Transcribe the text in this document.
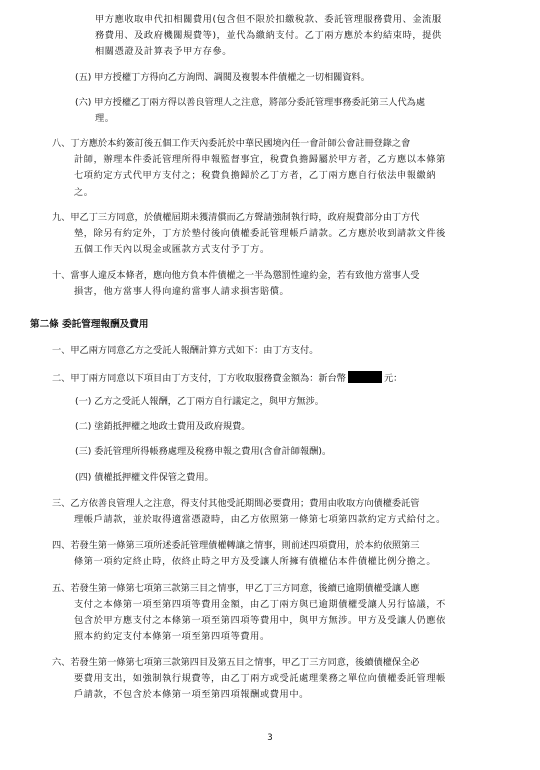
甲方應收取申代扣相關費用(包含但不限於扣繳稅款、委託管理服務費用、金流服
務費用、及政府機關規費等)，並代為繳納支付。乙丁兩方應於本約結束時，提供
相關憑證及計算表予甲方存參。
(五) 甲方授權丁方得向乙方詢問、調閱及複製本件債權之一切相關資料。
(六) 甲方授權乙丁兩方得以善良管理人之注意，將部分委託管理事務委託第三人代為處
理。
八、丁方應於本約簽訂後五個工作天內委託於中華民國境內任一會計師公會註冊登錄之會
計師，辦理本件委託管理所得申報監督事宜，稅費負擔歸屬於甲方者，乙方應以本條第
七項約定方式代甲方支付之；稅費負擔歸於乙丁方者，乙丁兩方應自行依法申報繳納
之。
九、甲乙丁三方同意，於債權屆期未獲清償而乙方聲請強制執行時，政府規費部分由丁方代
墊，除另有約定外，丁方於墊付後向債權委託管理帳戶請款。乙方應於收到請款文件後
五個工作天內以現金或匯款方式支付予丁方。
十、當事人違反本條者，應向他方負本件債權之一半為懲罰性違約金，若有致他方當事人受
損害，他方當事人得向違約當事人請求損害賠償。
第二條 委託管理報酬及費用
一、甲乙兩方同意乙方之受託人報酬計算方式如下：由丁方支付。
二、甲丁兩方同意以下項目由丁方支付，丁方收取服務費金額為：新台幣	元：
(一) 乙方之受託人報酬，乙丁兩方自行議定之，與甲方無涉。
(二) 塗銷抵押權之地政士費用及政府規費。
(三) 委託管理所得帳務處理及稅務申報之費用(含會計師報酬)。
(四) 債權抵押權文件保管之費用。
三、乙方依善良管理人之注意，得支付其他受託期間必要費用；費用由收取方向債權委託管
理帳戶請款，並於取得適當憑證時，由乙方依照第一條第七項第四款約定方式給付之。
四、若發生第一條第三項所述委託管理債權轉讓之情事，則前述四項費用，於本約依照第三
條第一項約定終止時，依終止時之甲方及受讓人所擁有債權佔本件債權比例分擔之。
五、若發生第一條第七項第三款第三目之情事，甲乙丁三方同意，後續已逾期債權受讓人應
支付之本條第一項至第四項等費用金額，由乙丁兩方與已逾期債權受讓人另行協議，不
包含於甲方應支付之本條第一項至第四項等費用中，與甲方無涉。甲方及受讓人仍應依
照本約約定支付本條第一項至第四項等費用。
六、若發生第一條第七項第三款第四目及第五目之情事，甲乙丁三方同意，後續債權保全必
要費用支出，如強制執行規費等，由乙丁兩方或受託處理業務之單位向債權委託管理帳
戶請款，不包含於本條第一項至第四項報酬或費用中。
3
